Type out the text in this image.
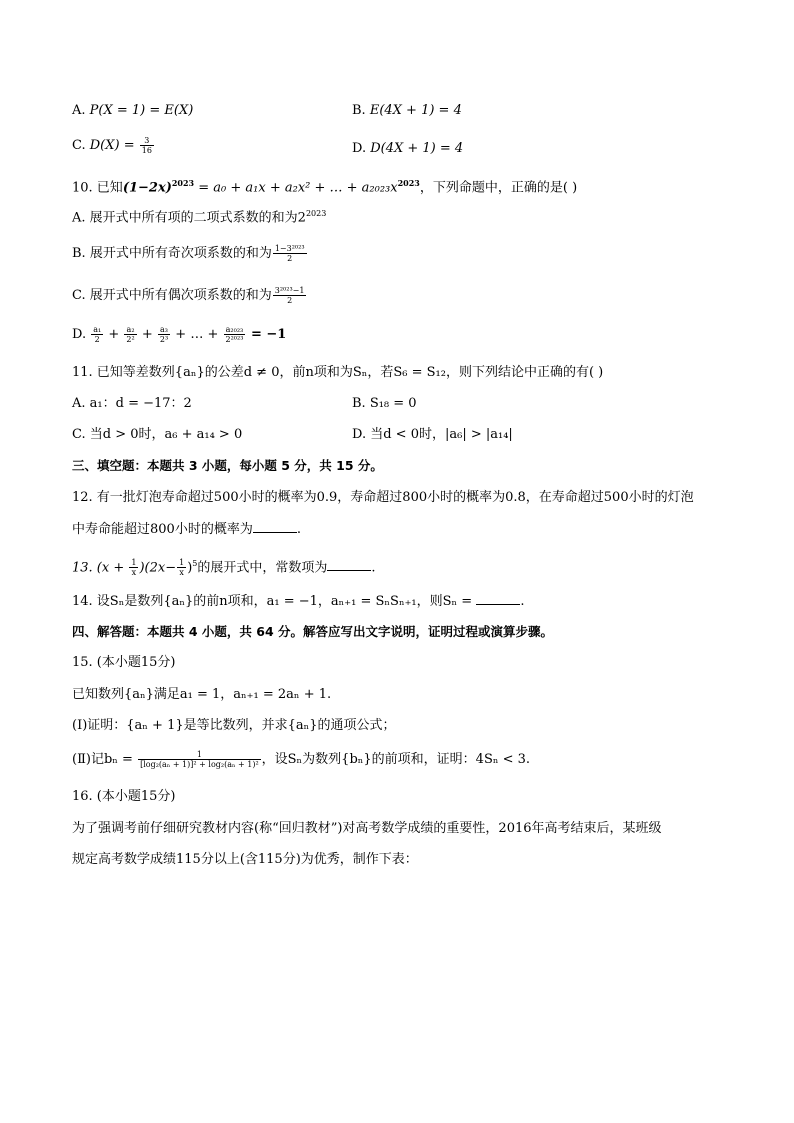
A. P(X = 1) = E(X)	B. E(4X + 1) = 4
C. $D(X) = \frac{3}{16}$	D. D(4X + 1) = 4
10. 已知$(1-2x)^{2023} = a_0 + a_1x + a_2x^2$ + … + $a_{2023}x^{2023}$，下列命题中，正确的是( )
A. 展开式中所有项的二项式系数的和为$2^{2023}$
B. 展开式中所有奇次项系数的和为 $\frac{\text{1−3²⁰²³}}{2}$
C. 展开式中所有偶次项系数的和为 $\frac{\text{3²⁰²³−1}}{2}$
D. $\frac{\text{a₁}}{2} + \frac{\text{a₂}}{\text{2²}} + \frac{\text{a₃}}{\text{2³}}$ + … + $\frac{\text{a₂₀₂₃}}{\text{2²⁰²³}} = -1$
11. 已知等差数列{aₙ}的公差d ≠ 0，前n项和为Sₙ，若S₆ = S₁₂，则下列结论中正确的有( )
A. a₁：d = −17：2	B. S₁₈ = 0
C. 当d > 0时，a₆ + a₁₄ > 0	D. 当d < 0时，|a₆| > |a₁₄|
三、填空题：本题共 3 小题，每小题 5 分，共 15 分。
12. 有一批灯泡寿命超过500小时的概率为0.9，寿命超过800小时的概率为0.8，在寿命超过500小时的灯泡
中寿命能超过800小时的概率为	.
13. $(x + \frac{1}{x} )(2x- \frac{1}{x} )^5$的展开式中，常数项为	.
14. 设Sₙ是数列{aₙ}的前n项和，a₁ = −1，aₙ₊₁ = SₙSₙ₊₁，则Sₙ =	.
四、解答题：本题共 4 小题，共 64 分。解答应写出文字说明，证明过程或演算步骤。
15. (本小题15分)
已知数列{aₙ}满足a₁ = 1，aₙ₊₁ = 2aₙ + 1.
(Ⅰ)证明：{aₙ + 1}是等比数列，并求{aₙ}的通项公式；
(Ⅱ)记$b_n = \frac{1}{\text{[log₂(aₙ + 1)]² + log₂(aₙ + 1)²}}$ ，设Sₙ为数列{bₙ}的前项和，证明：4Sₙ < 3.
16. (本小题15分)
为了强调考前仔细研究教材内容(称“回归教材”)对高考数学成绩的重要性，2016年高考结束后，某班级
规定高考数学成绩115分以上(含115分)为优秀，制作下表：
